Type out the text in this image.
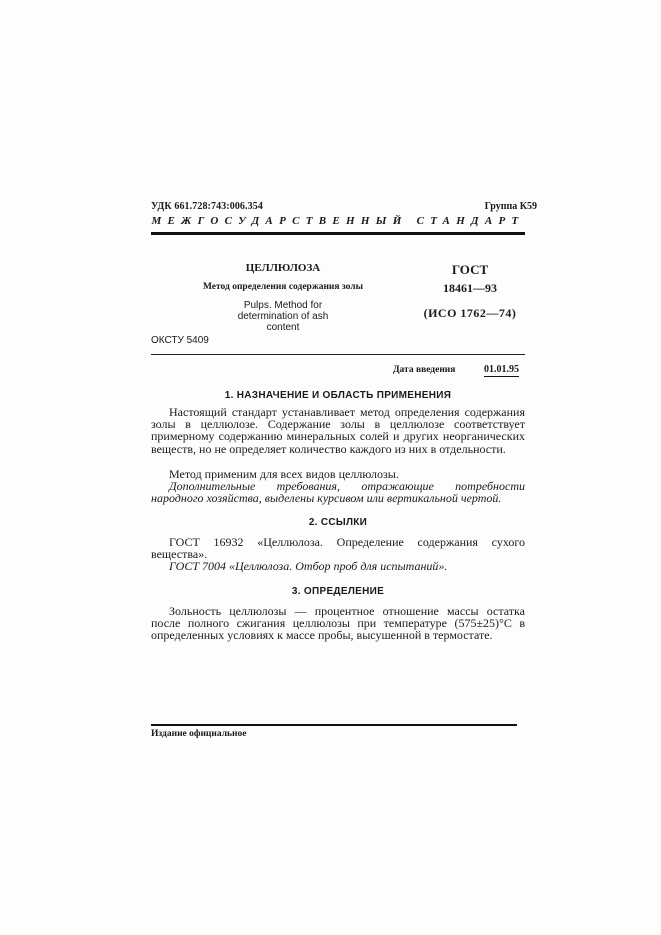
УДК 661.728:743:006.354	Группа К59
МЕЖГОСУДАРСТВЕННЫЙ СТАНДАРТ
ЦЕЛЛЮЛОЗА
Метод определения содержания золы
Pulps. Method for determination of ash content
ГОСТ
18461—93
(ИСО 1762—74)
ОКСТУ 5409
Дата введения	01.01.95
1. НАЗНАЧЕНИЕ И ОБЛАСТЬ ПРИМЕНЕНИЯ
Настоящий стандарт устанавливает метод определения содержания золы в целлюлозе. Содержание золы в целлюлозе соответствует примерному содержанию минеральных солей и других неорганических веществ, но не определяет количество каждого из них в отдельности.
Метод применим для всех видов целлюлозы.
Дополнительные требования, отражающие потребности народного хозяйства, выделены курсивом или вертикальной чертой.
2. ССЫЛКИ
ГОСТ 16932 «Целлюлоза. Определение содержания сухого вещества».
ГОСТ 7004 «Целлюлоза. Отбор проб для испытаний».
3. ОПРЕДЕЛЕНИЕ
Зольность целлюлозы — процентное отношение массы остатка после полного сжигания целлюлозы при температуре (575±25)°С в определенных условиях к массе пробы, высушенной в термостате.
Издание официальное
